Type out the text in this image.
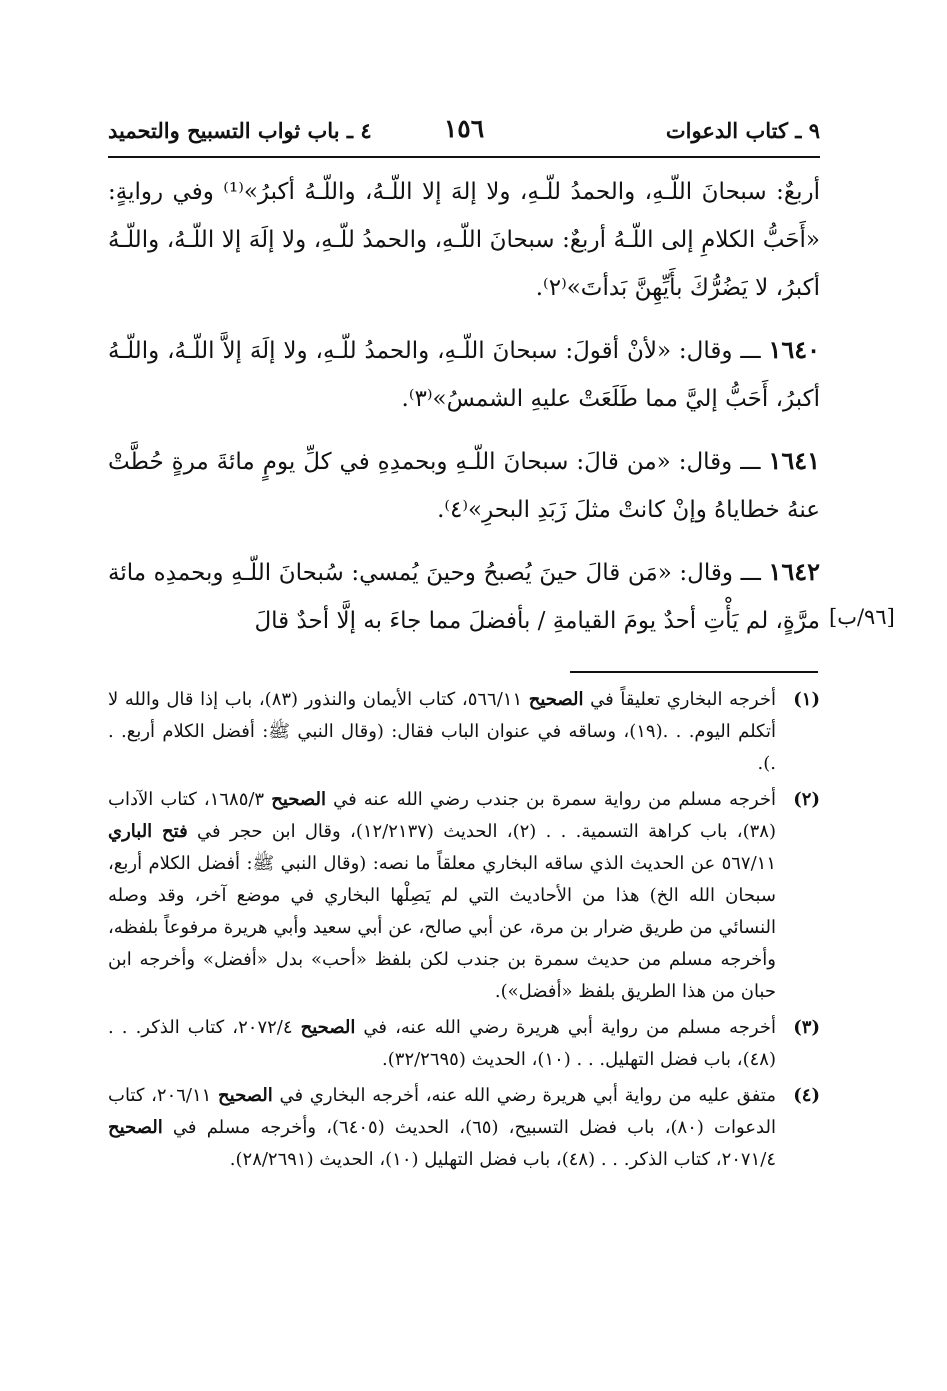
٩ ـ كتاب الدعوات
١٥٦
٤ ـ باب ثواب التسبيح والتحميد

أربعٌ: سبحانَ اللّـهِ، والحمدُ للّـهِ، ولا إلهَ إلا اللّـهُ، واللّـهُ أكبرُ»⁽¹⁾ وفي روايةٍ: «أَحَبُّ الكلامِ إلى اللّـهُ أربعٌ: سبحانَ اللّـهِ، والحمدُ للّـهِ، ولا إلَهَ إلا اللّـهُ، واللّـهُ أكبرُ، لا يَضُرُّكَ بأَيِّهِنَّ بَدأتَ»⁽٢⁾.

١٦٤٠ ـــ وقال: «لأنْ أقولَ: سبحانَ اللّـهِ، والحمدُ للّـهِ، ولا إلَهَ إلاَّ اللّـهُ، واللّـهُ أكبرُ، أَحَبُّ إليَّ مما طَلَعَتْ عليهِ الشمسُ»⁽٣⁾.

١٦٤١ ـــ وقال: «من قالَ: سبحانَ اللّـهِ وبحمدِهِ في كلِّ يومٍ مائةَ مرةٍ حُطَّتْ عنهُ خطاياهُ وإنْ كانتْ مثلَ زَبَدِ البحرِ»⁽٤⁾.

١٦٤٢ ـــ وقال: «مَن قالَ حينَ يُصبحُ وحينَ يُمسي: سُبحانَ اللّـهِ وبحمدِه مائة مرَّةٍ، لم يَأْتِ أحدٌ يومَ القيامةِ / بأفضلَ مما جاءَ به إلَّا أحدٌ قالَ [٩٦/ب]
(١)
أخرجه البخاري تعليقاً في الصحيح ٥٦٦/١١، كتاب الأيمان والنذور (٨٣)، باب إذا قال والله لا أتكلم اليوم. . .(١٩)، وساقه في عنوان الباب فقال: (وقال النبي ﷺ: أفضل الكلام أربع. . .).
(٢)
أخرجه مسلم من رواية سمرة بن جندب رضي الله عنه في الصحيح ١٦٨٥/٣، كتاب الآداب (٣٨)، باب كراهة التسمية. . . (٢)، الحديث (١٢/٢١٣٧)، وقال ابن حجر في فتح الباري ٥٦٧/١١ عن الحديث الذي ساقه البخاري معلقاً ما نصه: (وقال النبي ﷺ: أفضل الكلام أربع، سبحان الله الخ) هذا من الأحاديث التي لم يَصِلْها البخاري في موضع آخر، وقد وصله النسائي من طريق ضرار بن مرة، عن أبي صالح، عن أبي سعيد وأبي هريرة مرفوعاً بلفظه، وأخرجه مسلم من حديث سمرة بن جندب لكن بلفظ «أحب» بدل «أفضل» وأخرجه ابن حبان من هذا الطريق بلفظ «أفضل»).
(٣)
أخرجه مسلم من رواية أبي هريرة رضي الله عنه، في الصحيح ٢٠٧٢/٤، كتاب الذكر. . . (٤٨)، باب فضل التهليل. . . (١٠)، الحديث (٣٢/٢٦٩٥).
(٤)
متفق عليه من رواية أبي هريرة رضي الله عنه، أخرجه البخاري في الصحيح ٢٠٦/١١، كتاب الدعوات (٨٠)، باب فضل التسبيح، (٦٥)، الحديث (٦٤٠٥)، وأخرجه مسلم في الصحيح ٢٠٧١/٤، كتاب الذكر. . . (٤٨)، باب فضل التهليل (١٠)، الحديث (٢٨/٢٦٩١).
